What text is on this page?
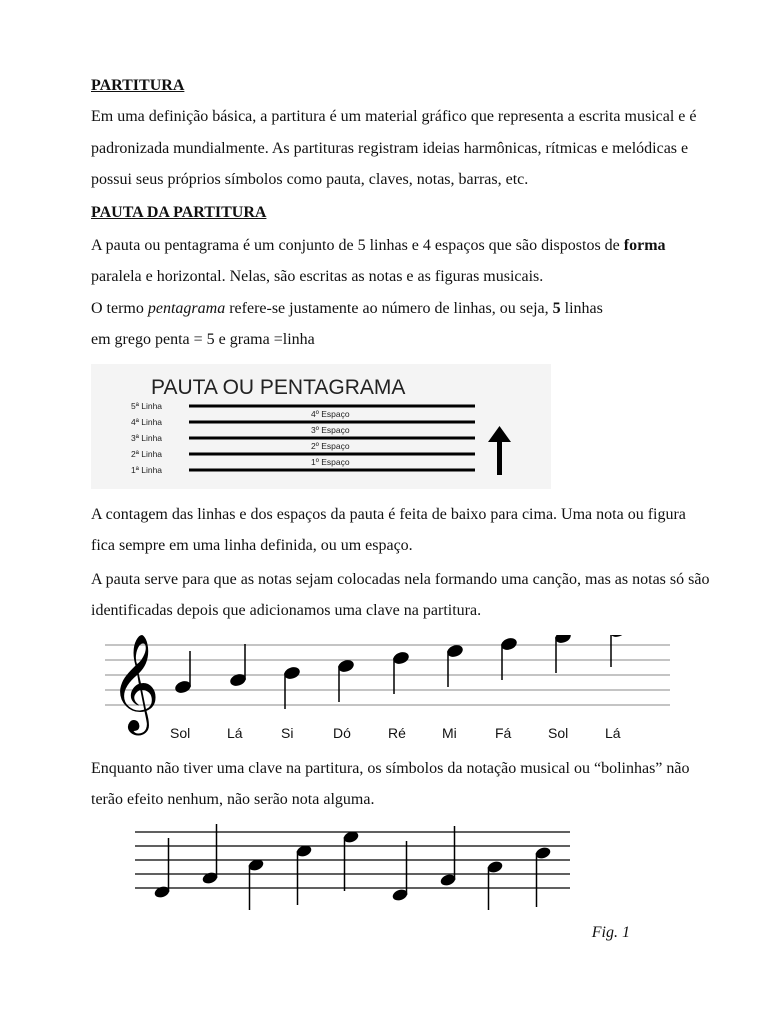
PARTITURA

Em uma definição básica, a partitura é um material gráfico que representa a escrita musical e é padronizada mundialmente. As partituras registram ideias harmônicas, rítmicas e melódicas e possui seus próprios símbolos como pauta, claves, notas, barras, etc.

PAUTA DA PARTITURA

A pauta ou pentagrama é um conjunto de 5 linhas e 4 espaços que são dispostos de forma paralela e horizontal. Nelas, são escritas as notas e as figuras musicais.

O termo pentagrama refere-se justamente ao número de linhas, ou seja, 5 linhas

em grego penta = 5 e grama =linha

PAUTA OU PENTAGRAMA
5ª Linha
4ª Linha
3ª Linha
2ª Linha
1ª Linha
4º Espaço
3º Espaço
2º Espaço
1º Espaço

A contagem das linhas e dos espaços da pauta é feita de baixo para cima. Uma nota ou figura fica sempre em uma linha definida, ou um espaço.

A pauta serve para que as notas sejam colocadas nela formando uma canção, mas as notas só são identificadas depois que adicionamos uma clave na partitura.

𝄞
Sol	Lá	Si	Dó	Ré	Mi	Fá	Sol	Lá

Enquanto não tiver uma clave na partitura, os símbolos da notação musical ou “bolinhas” não terão efeito nenhum, não serão nota alguma.

Fig. 1
